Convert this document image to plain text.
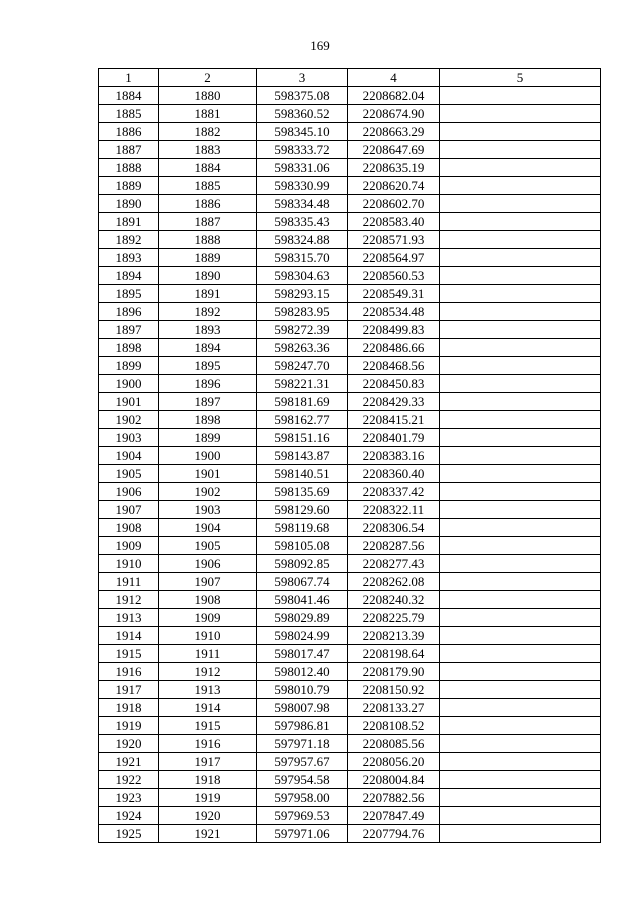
169
1	2	3	4	5
1884	1880	598375.08	2208682.04	
1885	1881	598360.52	2208674.90	
1886	1882	598345.10	2208663.29	
1887	1883	598333.72	2208647.69	
1888	1884	598331.06	2208635.19	
1889	1885	598330.99	2208620.74	
1890	1886	598334.48	2208602.70	
1891	1887	598335.43	2208583.40	
1892	1888	598324.88	2208571.93	
1893	1889	598315.70	2208564.97	
1894	1890	598304.63	2208560.53	
1895	1891	598293.15	2208549.31	
1896	1892	598283.95	2208534.48	
1897	1893	598272.39	2208499.83	
1898	1894	598263.36	2208486.66	
1899	1895	598247.70	2208468.56	
1900	1896	598221.31	2208450.83	
1901	1897	598181.69	2208429.33	
1902	1898	598162.77	2208415.21	
1903	1899	598151.16	2208401.79	
1904	1900	598143.87	2208383.16	
1905	1901	598140.51	2208360.40	
1906	1902	598135.69	2208337.42	
1907	1903	598129.60	2208322.11	
1908	1904	598119.68	2208306.54	
1909	1905	598105.08	2208287.56	
1910	1906	598092.85	2208277.43	
1911	1907	598067.74	2208262.08	
1912	1908	598041.46	2208240.32	
1913	1909	598029.89	2208225.79	
1914	1910	598024.99	2208213.39	
1915	1911	598017.47	2208198.64	
1916	1912	598012.40	2208179.90	
1917	1913	598010.79	2208150.92	
1918	1914	598007.98	2208133.27	
1919	1915	597986.81	2208108.52	
1920	1916	597971.18	2208085.56	
1921	1917	597957.67	2208056.20	
1922	1918	597954.58	2208004.84	
1923	1919	597958.00	2207882.56	
1924	1920	597969.53	2207847.49	
1925	1921	597971.06	2207794.76	
